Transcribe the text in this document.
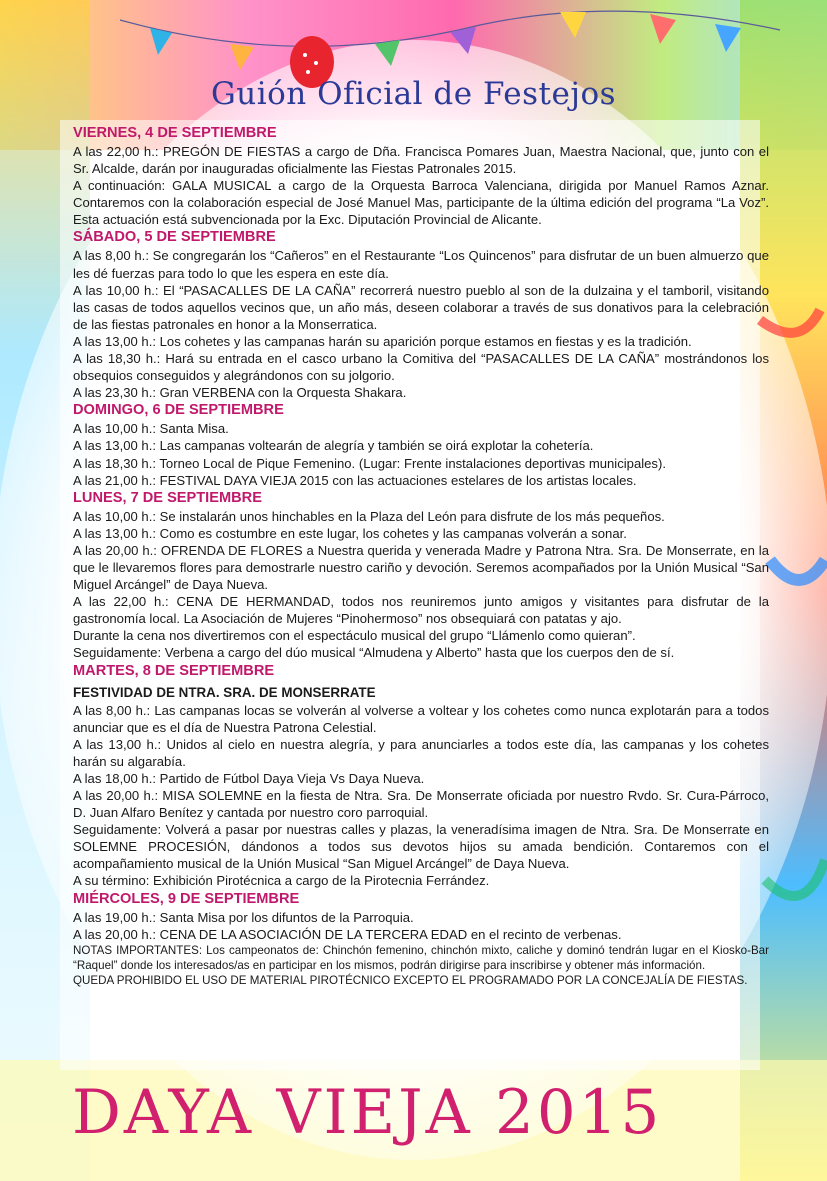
Guión Oficial de Festejos
VIERNES, 4 DE SEPTIEMBRE

A las 22,00 h.: PREGÓN DE FIESTAS a cargo de Dña. Francisca Pomares Juan, Maestra Nacional, que, junto con el Sr. Alcalde, darán por inauguradas oficialmente las Fiestas Patronales 2015.

A continuación: GALA MUSICAL a cargo de la Orquesta Barroca Valenciana, dirigida por Manuel Ramos Aznar. Contaremos con la colaboración especial de José Manuel Mas, participante de la última edición del programa “La Voz”. Esta actuación está subvencionada por la Exc. Diputación Provincial de Alicante.

SÁBADO, 5 DE SEPTIEMBRE

A las 8,00 h.: Se congregarán los “Cañeros” en el Restaurante “Los Quincenos” para disfrutar de un buen almuerzo que les dé fuerzas para todo lo que les espera en este día.

A las 10,00 h.: El “PASACALLES DE LA CAÑA” recorrerá nuestro pueblo al son de la dulzaina y el tamboril, visitando las casas de todos aquellos vecinos que, un año más, deseen colaborar a través de sus donativos para la celebración de las fiestas patronales en honor a la Monserratica.

A las 13,00 h.: Los cohetes y las campanas harán su aparición porque estamos en fiestas y es la tradición.

A las 18,30 h.: Hará su entrada en el casco urbano la Comitiva del “PASACALLES DE LA CAÑA” mostrándonos los obsequios conseguidos y alegrándonos con su jolgorio.

A las 23,30 h.: Gran VERBENA con la Orquesta Shakara.

DOMINGO, 6 DE SEPTIEMBRE

A las 10,00 h.: Santa Misa.

A las 13,00 h.: Las campanas voltearán de alegría y también se oirá explotar la cohetería.

A las 18,30 h.: Torneo Local de Pique Femenino. (Lugar: Frente instalaciones deportivas municipales).

A las 21,00 h.: FESTIVAL DAYA VIEJA 2015 con las actuaciones estelares de los artistas locales.

LUNES, 7 DE SEPTIEMBRE

A las 10,00 h.: Se instalarán unos hinchables en la Plaza del León para disfrute de los más pequeños.

A las 13,00 h.: Como es costumbre en este lugar, los cohetes y las campanas volverán a sonar.

A las 20,00 h.: OFRENDA DE FLORES a Nuestra querida y venerada Madre y Patrona Ntra. Sra. De Monserrate, en la que le llevaremos flores para demostrarle nuestro cariño y devoción. Seremos acompañados por la Unión Musical “San Miguel Arcángel” de Daya Nueva.

A las 22,00 h.: CENA DE HERMANDAD, todos nos reuniremos junto amigos y visitantes para disfrutar de la gastronomía local. La Asociación de Mujeres “Pinohermoso” nos obsequiará con patatas y ajo.

Durante la cena nos divertiremos con el espectáculo musical del grupo “Llámenlo como quieran”.

Seguidamente: Verbena a cargo del dúo musical “Almudena y Alberto” hasta que los cuerpos den de sí.

MARTES, 8 DE SEPTIEMBRE
FESTIVIDAD DE NTRA. SRA. DE MONSERRATE

A las 8,00 h.: Las campanas locas se volverán al volverse a voltear y los cohetes como nunca explotarán para a todos anunciar que es el día de Nuestra Patrona Celestial.

A las 13,00 h.: Unidos al cielo en nuestra alegría, y para anunciarles a todos este día, las campanas y los cohetes harán su algarabía.

A las 18,00 h.: Partido de Fútbol Daya Vieja Vs Daya Nueva.

A las 20,00 h.: MISA SOLEMNE en la fiesta de Ntra. Sra. De Monserrate oficiada por nuestro Rvdo. Sr. Cura-Párroco, D. Juan Alfaro Benítez y cantada por nuestro coro parroquial.

Seguidamente: Volverá a pasar por nuestras calles y plazas, la veneradísima imagen de Ntra. Sra. De Monserrate en SOLEMNE PROCESIÓN, dándonos a todos sus devotos hijos su amada bendición. Contaremos con el acompañamiento musical de la Unión Musical “San Miguel Arcángel” de Daya Nueva.

A su término: Exhibición Pirotécnica a cargo de la Pirotecnia Ferrández.

MIÉRCOLES, 9 DE SEPTIEMBRE

A las 19,00 h.: Santa Misa por los difuntos de la Parroquia.

A las 20,00 h.: CENA DE LA ASOCIACIÓN DE LA TERCERA EDAD en el recinto de verbenas.

NOTAS IMPORTANTES: Los campeonatos de: Chinchón femenino, chinchón mixto, caliche y dominó tendrán lugar en el Kiosko-Bar “Raquel” donde los interesados/as en participar en los mismos, podrán dirigirse para inscribirse y obtener más información.

QUEDA PROHIBIDO EL USO DE MATERIAL PIROTÉCNICO EXCEPTO EL PROGRAMADO POR LA CONCEJALÍA DE FIESTAS.

DAYA VIEJA 2015
